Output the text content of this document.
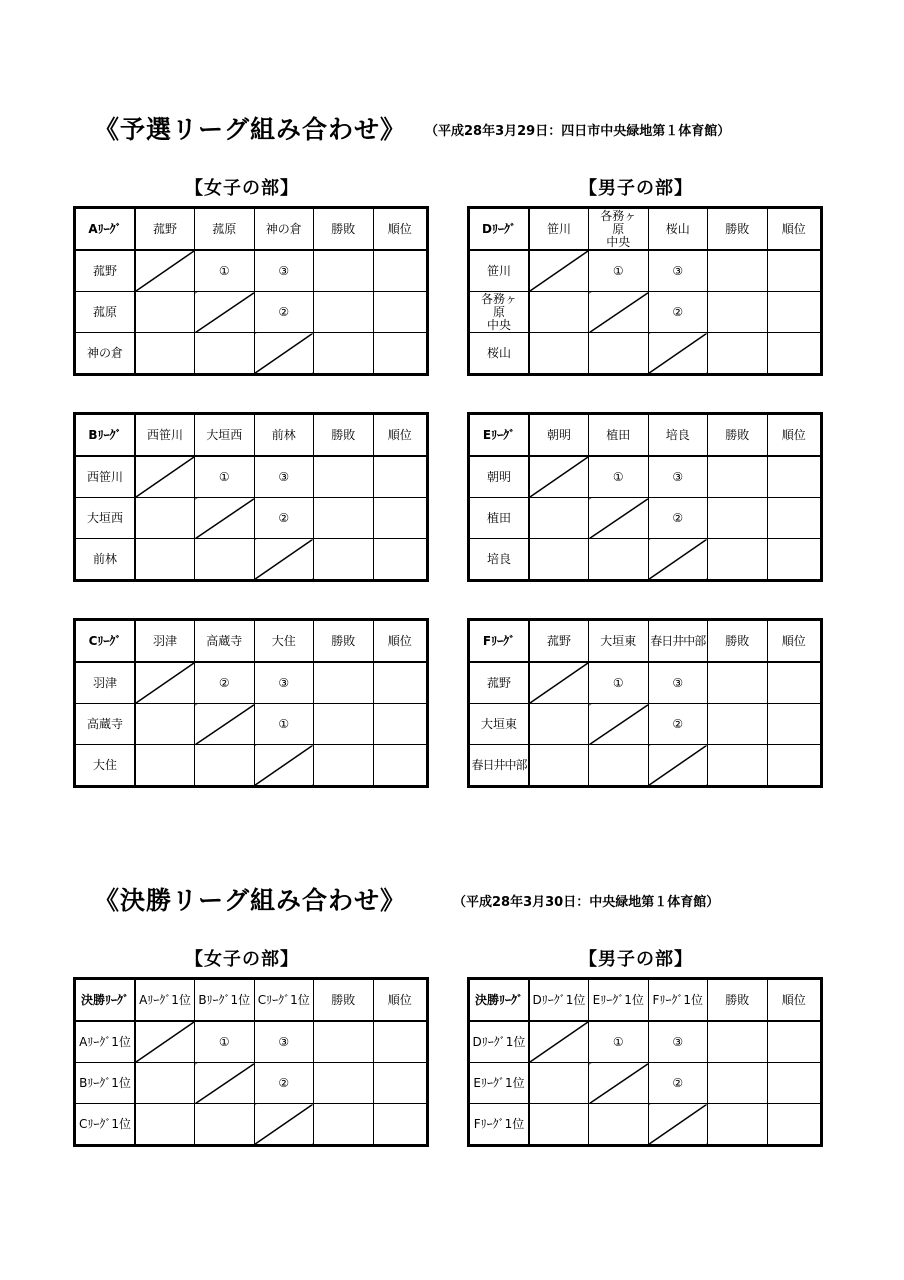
《予選リーグ組み合わせ》 （平成28年3月29日：四日市中央緑地第１体育館）
【女子の部】	【男子の部】
Aﾘｰｸﾞ	菰野	菰原	神の倉	勝敗	順位
菰野		①	③		
菰原			②		
神の倉					
Dﾘｰｸﾞ	笹川	各務ヶ
原
中央	桜山	勝敗	順位
笹川		①	③		
各務ヶ
原
中央			②		
桜山					
Bﾘｰｸﾞ	西笹川	大垣西	前林	勝敗	順位
西笹川		①	③		
大垣西			②		
前林					
Eﾘｰｸﾞ	朝明	植田	培良	勝敗	順位
朝明		①	③		
植田			②		
培良					
Cﾘｰｸﾞ	羽津	高蔵寺	大住	勝敗	順位
羽津		②	③		
高蔵寺			①		
大住					
Fﾘｰｸﾞ	菰野	大垣東	春日井中部	勝敗	順位
菰野		①	③		
大垣東			②		
春日井中部					
《決勝リーグ組み合わせ》	（平成28年3月30日：中央緑地第１体育館）
【女子の部】	【男子の部】
決勝ﾘｰｸﾞ	Aﾘｰｸﾞ1位	Bﾘｰｸﾞ1位	Cﾘｰｸﾞ1位	勝敗	順位
Aﾘｰｸﾞ1位		①	③		
Bﾘｰｸﾞ1位			②		
Cﾘｰｸﾞ1位					
決勝ﾘｰｸﾞ	Dﾘｰｸﾞ1位	Eﾘｰｸﾞ1位	Fﾘｰｸﾞ1位	勝敗	順位
Dﾘｰｸﾞ1位		①	③		
Eﾘｰｸﾞ1位			②		
Fﾘｰｸﾞ1位					
